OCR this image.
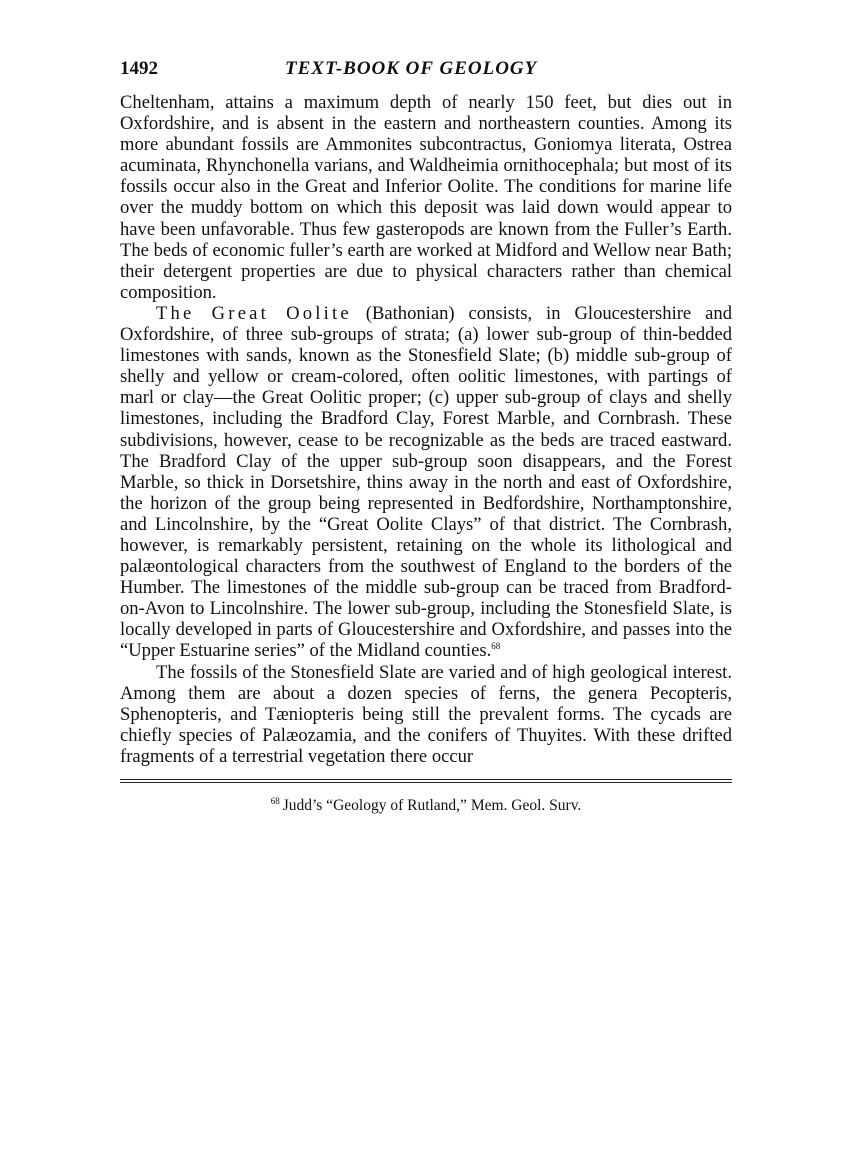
1492	TEXT-BOOK OF GEOLOGY

Cheltenham, attains a maximum depth of nearly 150 feet, but dies out in Oxfordshire, and is absent in the eastern and northeastern counties. Among its more abundant fossils are Ammonites subcontractus, Goniomya literata, Ostrea acuminata, Rhynchonella varians, and Waldheimia ornithocephala; but most of its fossils occur also in the Great and Inferior Oolite. The conditions for marine life over the muddy bottom on which this deposit was laid down would appear to have been unfavorable. Thus few gasteropods are known from the Fuller’s Earth. The beds of economic fuller’s earth are worked at Midford and Wellow near Bath; their detergent properties are due to physical characters rather than chemical composition.

The Great Oolite (Bathonian) consists, in Gloucestershire and Oxfordshire, of three sub-groups of strata; (a) lower sub-group of thin-bedded limestones with sands, known as the Stonesfield Slate; (b) middle sub-group of shelly and yellow or cream-colored, often oolitic limestones, with partings of marl or clay—the Great Oolitic proper; (c) upper sub-group of clays and shelly limestones, including the Bradford Clay, Forest Marble, and Cornbrash. These subdivisions, however, cease to be recognizable as the beds are traced eastward. The Bradford Clay of the upper sub-group soon disappears, and the Forest Marble, so thick in Dorsetshire, thins away in the north and east of Oxfordshire, the horizon of the group being represented in Bedfordshire, Northamptonshire, and Lincolnshire, by the “Great Oolite Clays” of that district. The Cornbrash, however, is remarkably persistent, retaining on the whole its lithological and palæontological characters from the southwest of England to the borders of the Humber. The limestones of the middle sub-group can be traced from Bradford-on-Avon to Lincolnshire. The lower sub-group, including the Stonesfield Slate, is locally developed in parts of Gloucestershire and Oxfordshire, and passes into the “Upper Estuarine series” of the Midland counties.$^{68}$

The fossils of the Stonesfield Slate are varied and of high geological interest. Among them are about a dozen species of ferns, the genera Pecopteris, Sphenopteris, and Tæniopteris being still the prevalent forms. The cycads are chiefly species of Palæozamia, and the conifers of Thuyites. With these drifted fragments of a terrestrial vegetation there occur

$^{68}$ Judd’s “Geology of Rutland,” Mem. Geol. Surv.
